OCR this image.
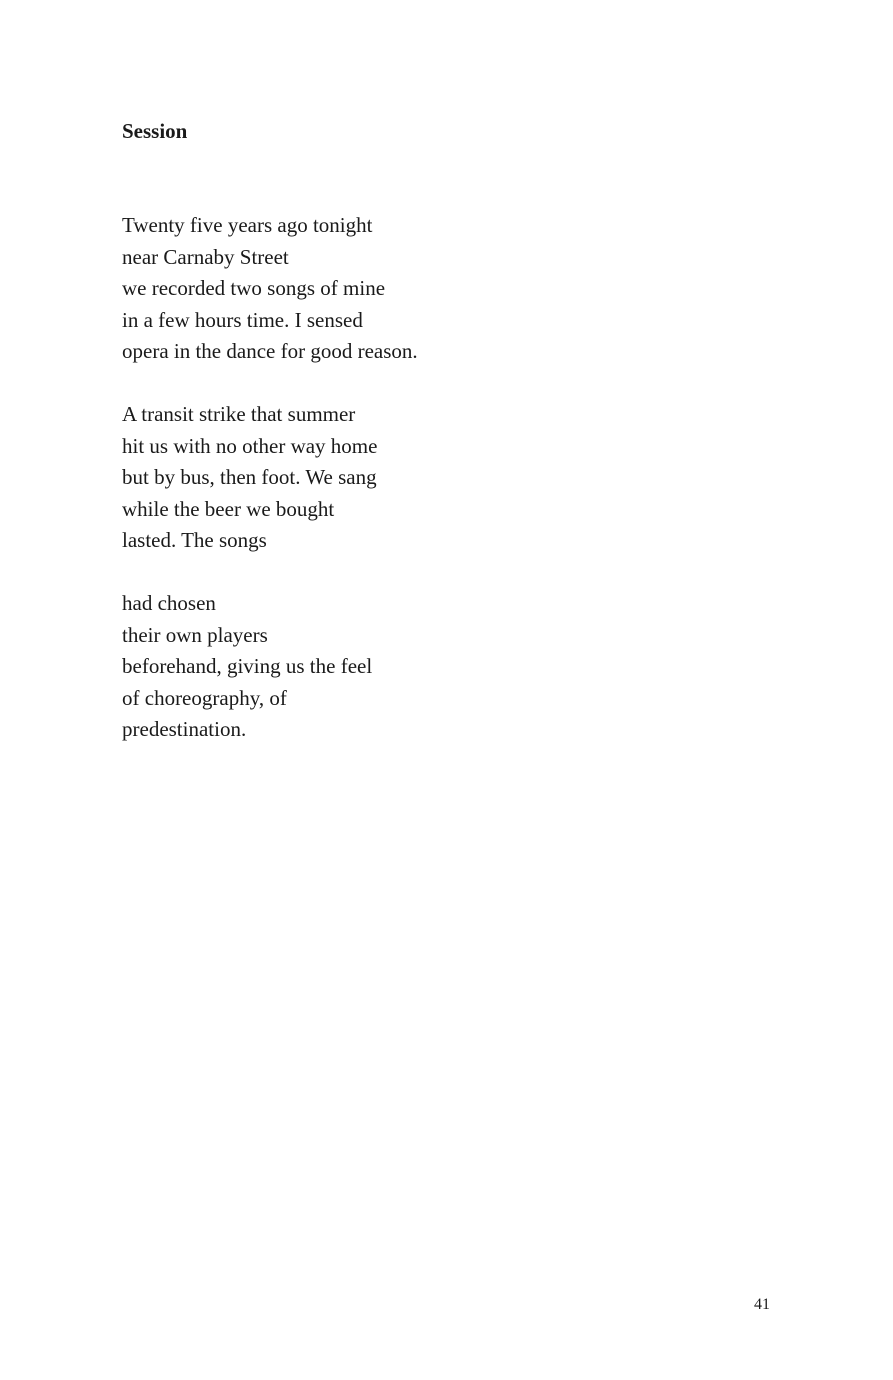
Session
Twenty five years ago tonight
near Carnaby Street
we recorded two songs of mine
in a few hours time. I sensed
opera in the dance for good reason.
A transit strike that summer
hit us with no other way home
but by bus, then foot. We sang
while the beer we bought
lasted. The songs
had chosen
their own players
beforehand, giving us the feel
of choreography, of
predestination.
41
